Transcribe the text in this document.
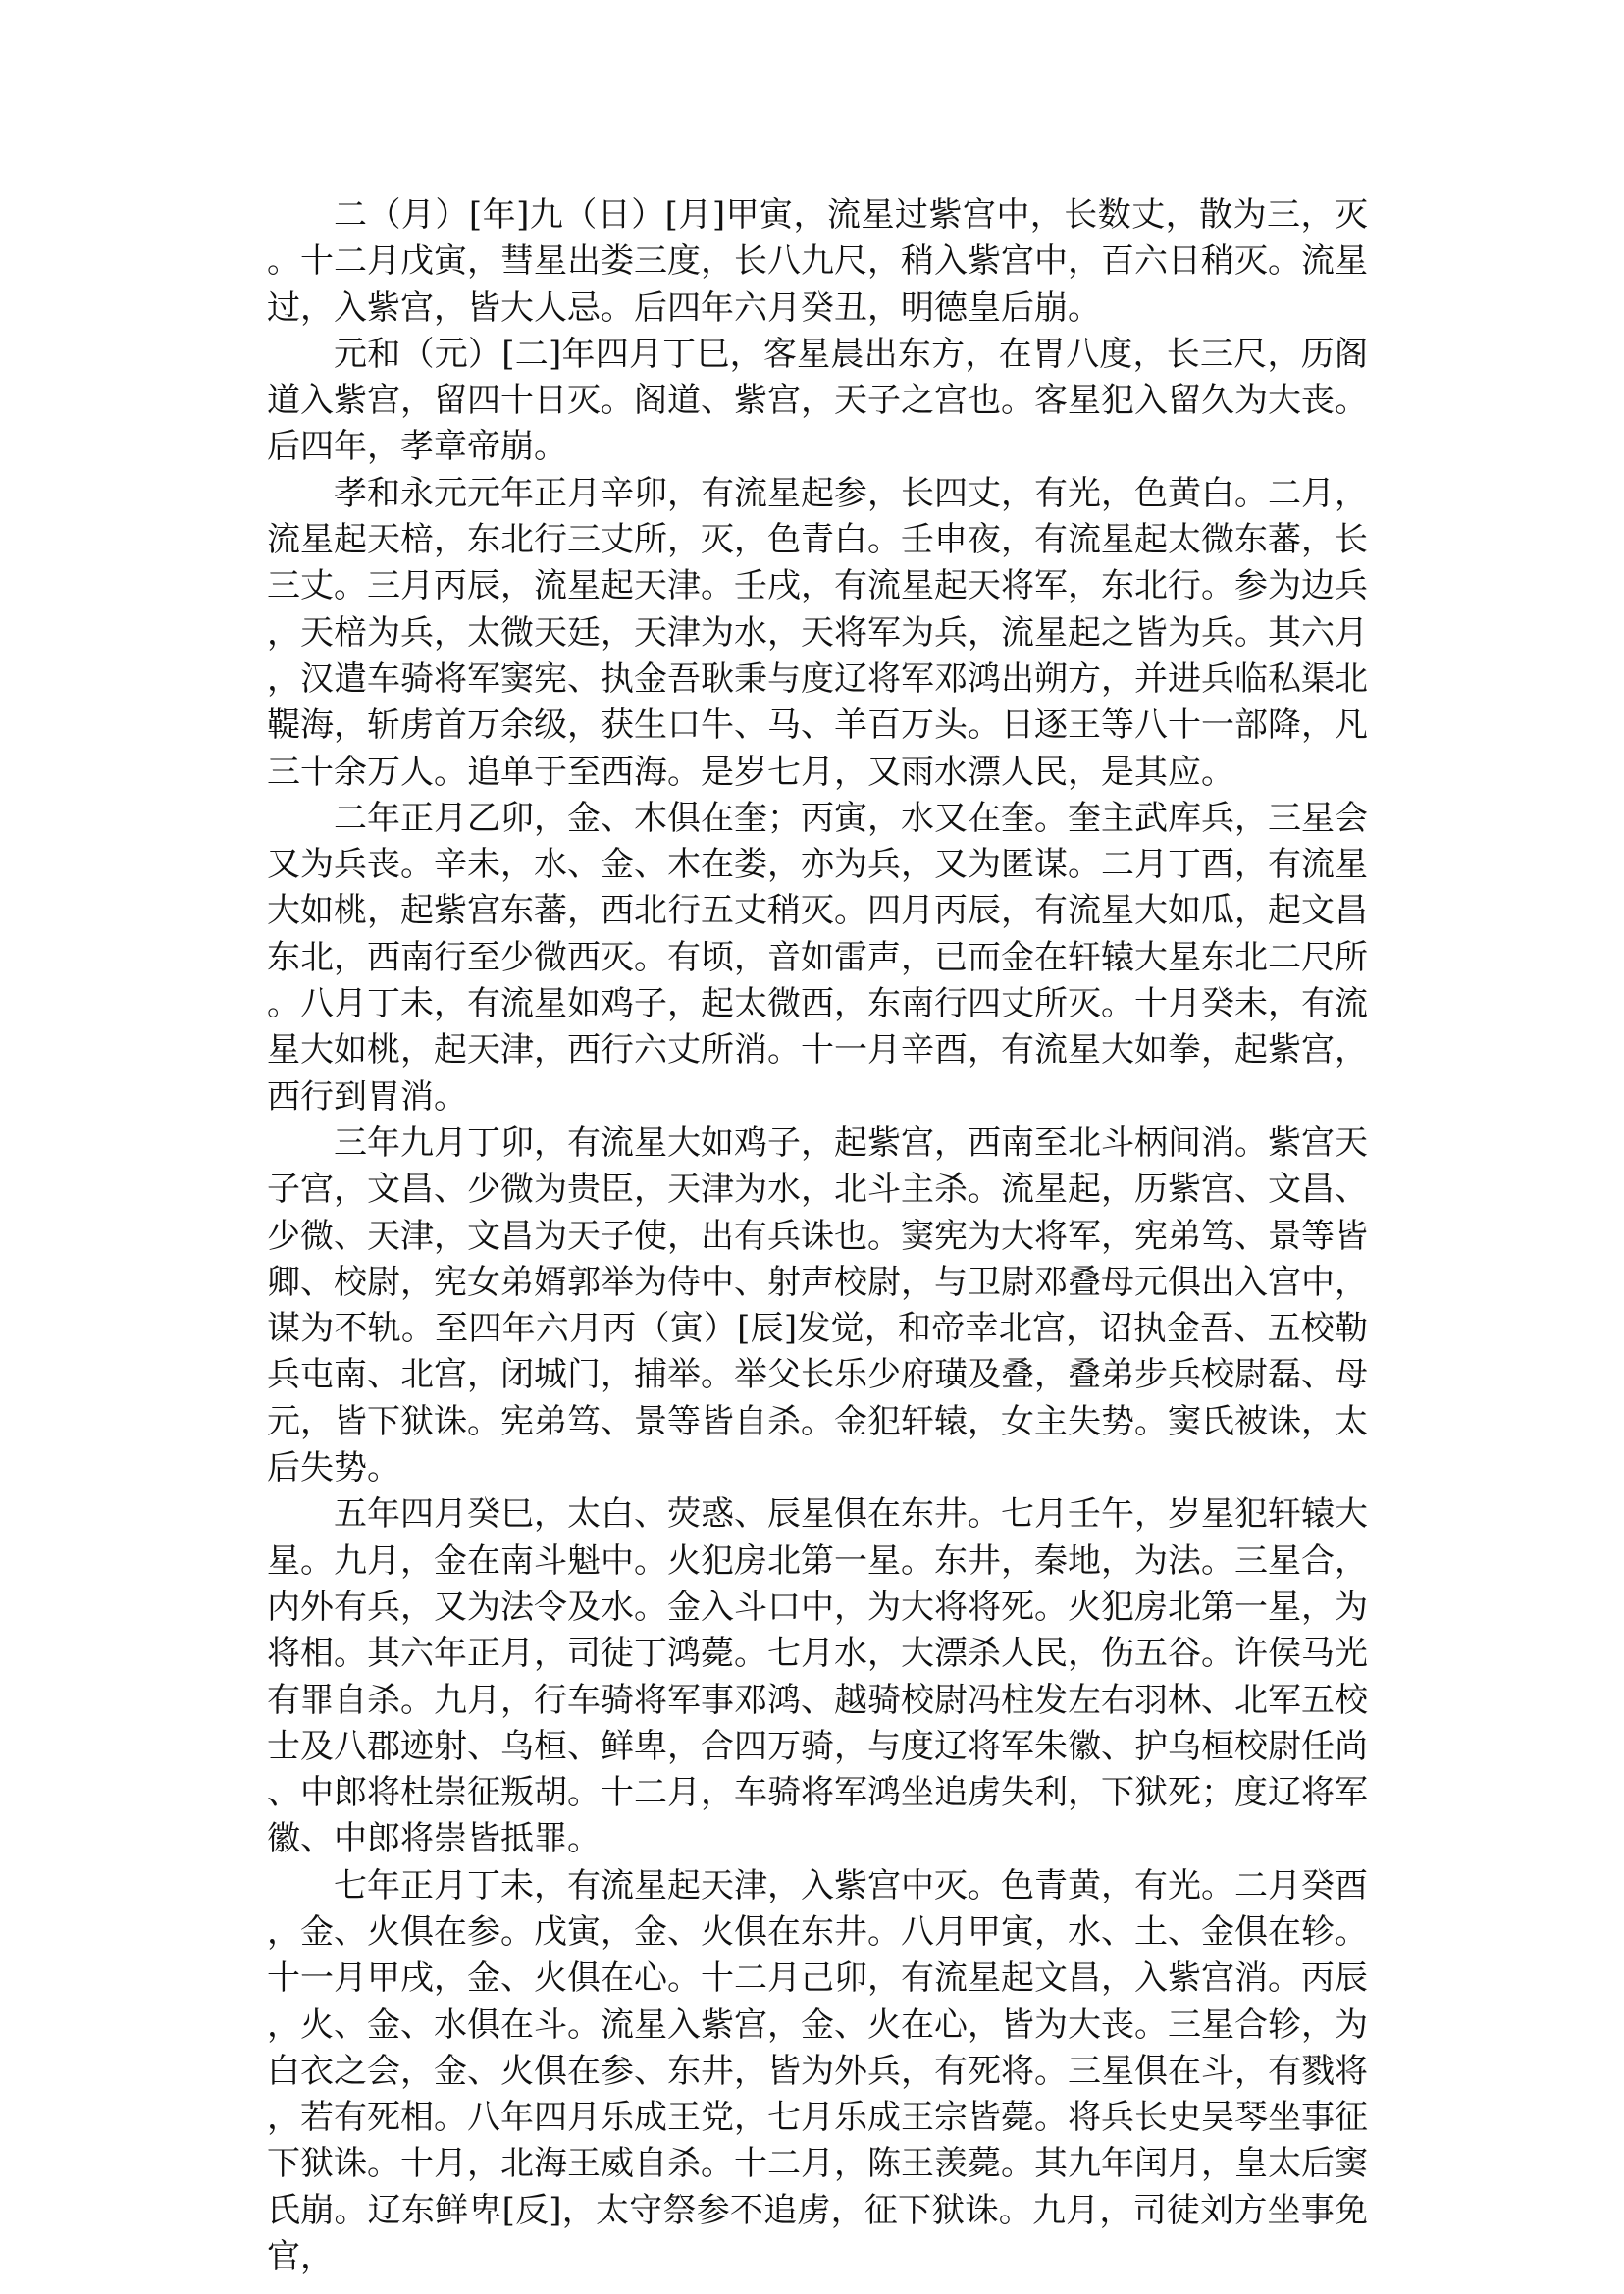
二（月）[年]九（日）[月]甲寅，流星过紫宫中，长数丈，散为三，灭。十二月戊寅，彗星出娄三度，长八九尺，稍入紫宫中，百六日稍灭。流星过，入紫宫，皆大人忌。后四年六月癸丑，明德皇后崩。

元和（元）[二]年四月丁巳，客星晨出东方，在胃八度，长三尺，历阁道入紫宫，留四十日灭。阁道、紫宫，天子之宫也。客星犯入留久为大丧。后四年，孝章帝崩。

孝和永元元年正月辛卯，有流星起参，长四丈，有光，色黄白。二月，流星起天棓，东北行三丈所，灭，色青白。壬申夜，有流星起太微东蕃，长三丈。三月丙辰，流星起天津。壬戌，有流星起天将军，东北行。参为边兵，天棓为兵，太微天廷，天津为水，天将军为兵，流星起之皆为兵。其六月，汉遣车骑将军窦宪、执金吾耿秉与度辽将军邓鸿出朔方，并进兵临私渠北鞮海，斩虏首万余级，获生口牛、马、羊百万头。日逐王等八十一部降，凡三十余万人。追单于至西海。是岁七月，又雨水漂人民，是其应。

二年正月乙卯，金、木俱在奎；丙寅，水又在奎。奎主武库兵，三星会又为兵丧。辛未，水、金、木在娄，亦为兵，又为匿谋。二月丁酉，有流星大如桃，起紫宫东蕃，西北行五丈稍灭。四月丙辰，有流星大如瓜，起文昌东北，西南行至少微西灭。有顷，音如雷声，已而金在轩辕大星东北二尺所。八月丁未，有流星如鸡子，起太微西，东南行四丈所灭。十月癸未，有流星大如桃，起天津，西行六丈所消。十一月辛酉，有流星大如拳，起紫宫，西行到胃消。

三年九月丁卯，有流星大如鸡子，起紫宫，西南至北斗柄间消。紫宫天子宫，文昌、少微为贵臣，天津为水，北斗主杀。流星起，历紫宫、文昌、少微、天津，文昌为天子使，出有兵诛也。窦宪为大将军，宪弟笃、景等皆卿、校尉，宪女弟婿郭举为侍中、射声校尉，与卫尉邓叠母元俱出入宫中，谋为不轨。至四年六月丙（寅）[辰]发觉，和帝幸北宫，诏执金吾、五校勒兵屯南、北宫，闭城门，捕举。举父长乐少府璜及叠，叠弟步兵校尉磊、母元，皆下狱诛。宪弟笃、景等皆自杀。金犯轩辕，女主失势。窦氏被诛，太后失势。

五年四月癸巳，太白、荧惑、辰星俱在东井。七月壬午，岁星犯轩辕大星。九月，金在南斗魁中。火犯房北第一星。东井，秦地，为法。三星合，内外有兵，又为法令及水。金入斗口中，为大将将死。火犯房北第一星，为将相。其六年正月，司徒丁鸿薨。七月水，大漂杀人民，伤五谷。许侯马光有罪自杀。九月，行车骑将军事邓鸿、越骑校尉冯柱发左右羽林、北军五校士及八郡迹射、乌桓、鲜卑，合四万骑，与度辽将军朱徽、护乌桓校尉任尚、中郎将杜崇征叛胡。十二月，车骑将军鸿坐追虏失利，下狱死；度辽将军徽、中郎将崇皆抵罪。

七年正月丁未，有流星起天津，入紫宫中灭。色青黄，有光。二月癸酉，金、火俱在参。戊寅，金、火俱在东井。八月甲寅，水、土、金俱在轸。十一月甲戌，金、火俱在心。十二月己卯，有流星起文昌，入紫宫消。丙辰，火、金、水俱在斗。流星入紫宫，金、火在心，皆为大丧。三星合轸，为白衣之会，金、火俱在参、东井，皆为外兵，有死将。三星俱在斗，有戮将，若有死相。八年四月乐成王党，七月乐成王宗皆薨。将兵长史吴琴坐事征下狱诛。十月，北海王威自杀。十二月，陈王羡薨。其九年闰月，皇太后窦氏崩。辽东鲜卑[反]，太守祭参不追虏，征下狱诛。九月，司徒刘方坐事免官，
